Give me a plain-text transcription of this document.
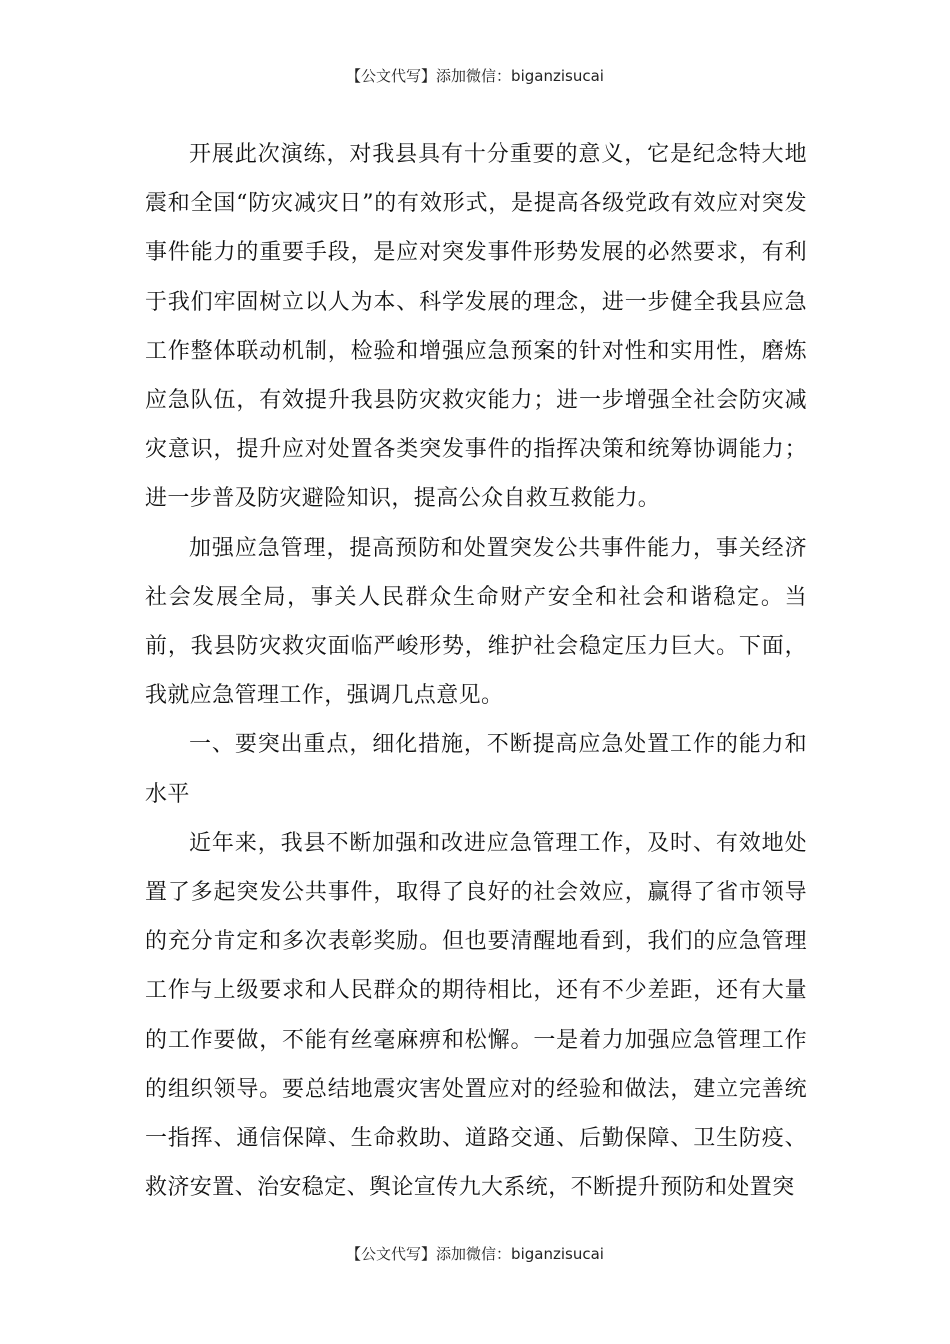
【公文代写】添加微信：biganzisucai

开展此次演练，对我县具有十分重要的意义，它是纪念特大地震和全国“防灾减灾日”的有效形式，是提高各级党政有效应对突发事件能力的重要手段，是应对突发事件形势发展的必然要求，有利于我们牢固树立以人为本、科学发展的理念，进一步健全我县应急工作整体联动机制，检验和增强应急预案的针对性和实用性，磨炼应急队伍，有效提升我县防灾救灾能力；进一步增强全社会防灾减灾意识，提升应对处置各类突发事件的指挥决策和统筹协调能力；进一步普及防灾避险知识，提高公众自救互救能力。

加强应急管理，提高预防和处置突发公共事件能力，事关经济社会发展全局，事关人民群众生命财产安全和社会和谐稳定。当前，我县防灾救灾面临严峻形势，维护社会稳定压力巨大。下面，我就应急管理工作，强调几点意见。

一、要突出重点，细化措施，不断提高应急处置工作的能力和水平

近年来，我县不断加强和改进应急管理工作，及时、有效地处置了多起突发公共事件，取得了良好的社会效应，赢得了省市领导的充分肯定和多次表彰奖励。但也要清醒地看到，我们的应急管理工作与上级要求和人民群众的期待相比，还有不少差距，还有大量的工作要做，不能有丝毫麻痹和松懈。一是着力加强应急管理工作的组织领导。要总结地震灾害处置应对的经验和做法，建立完善统一指挥、通信保障、生命救助、道路交通、后勤保障、卫生防疫、救济安置、治安稳定、舆论宣传九大系统，不断提升预防和处置突

【公文代写】添加微信：biganzisucai
